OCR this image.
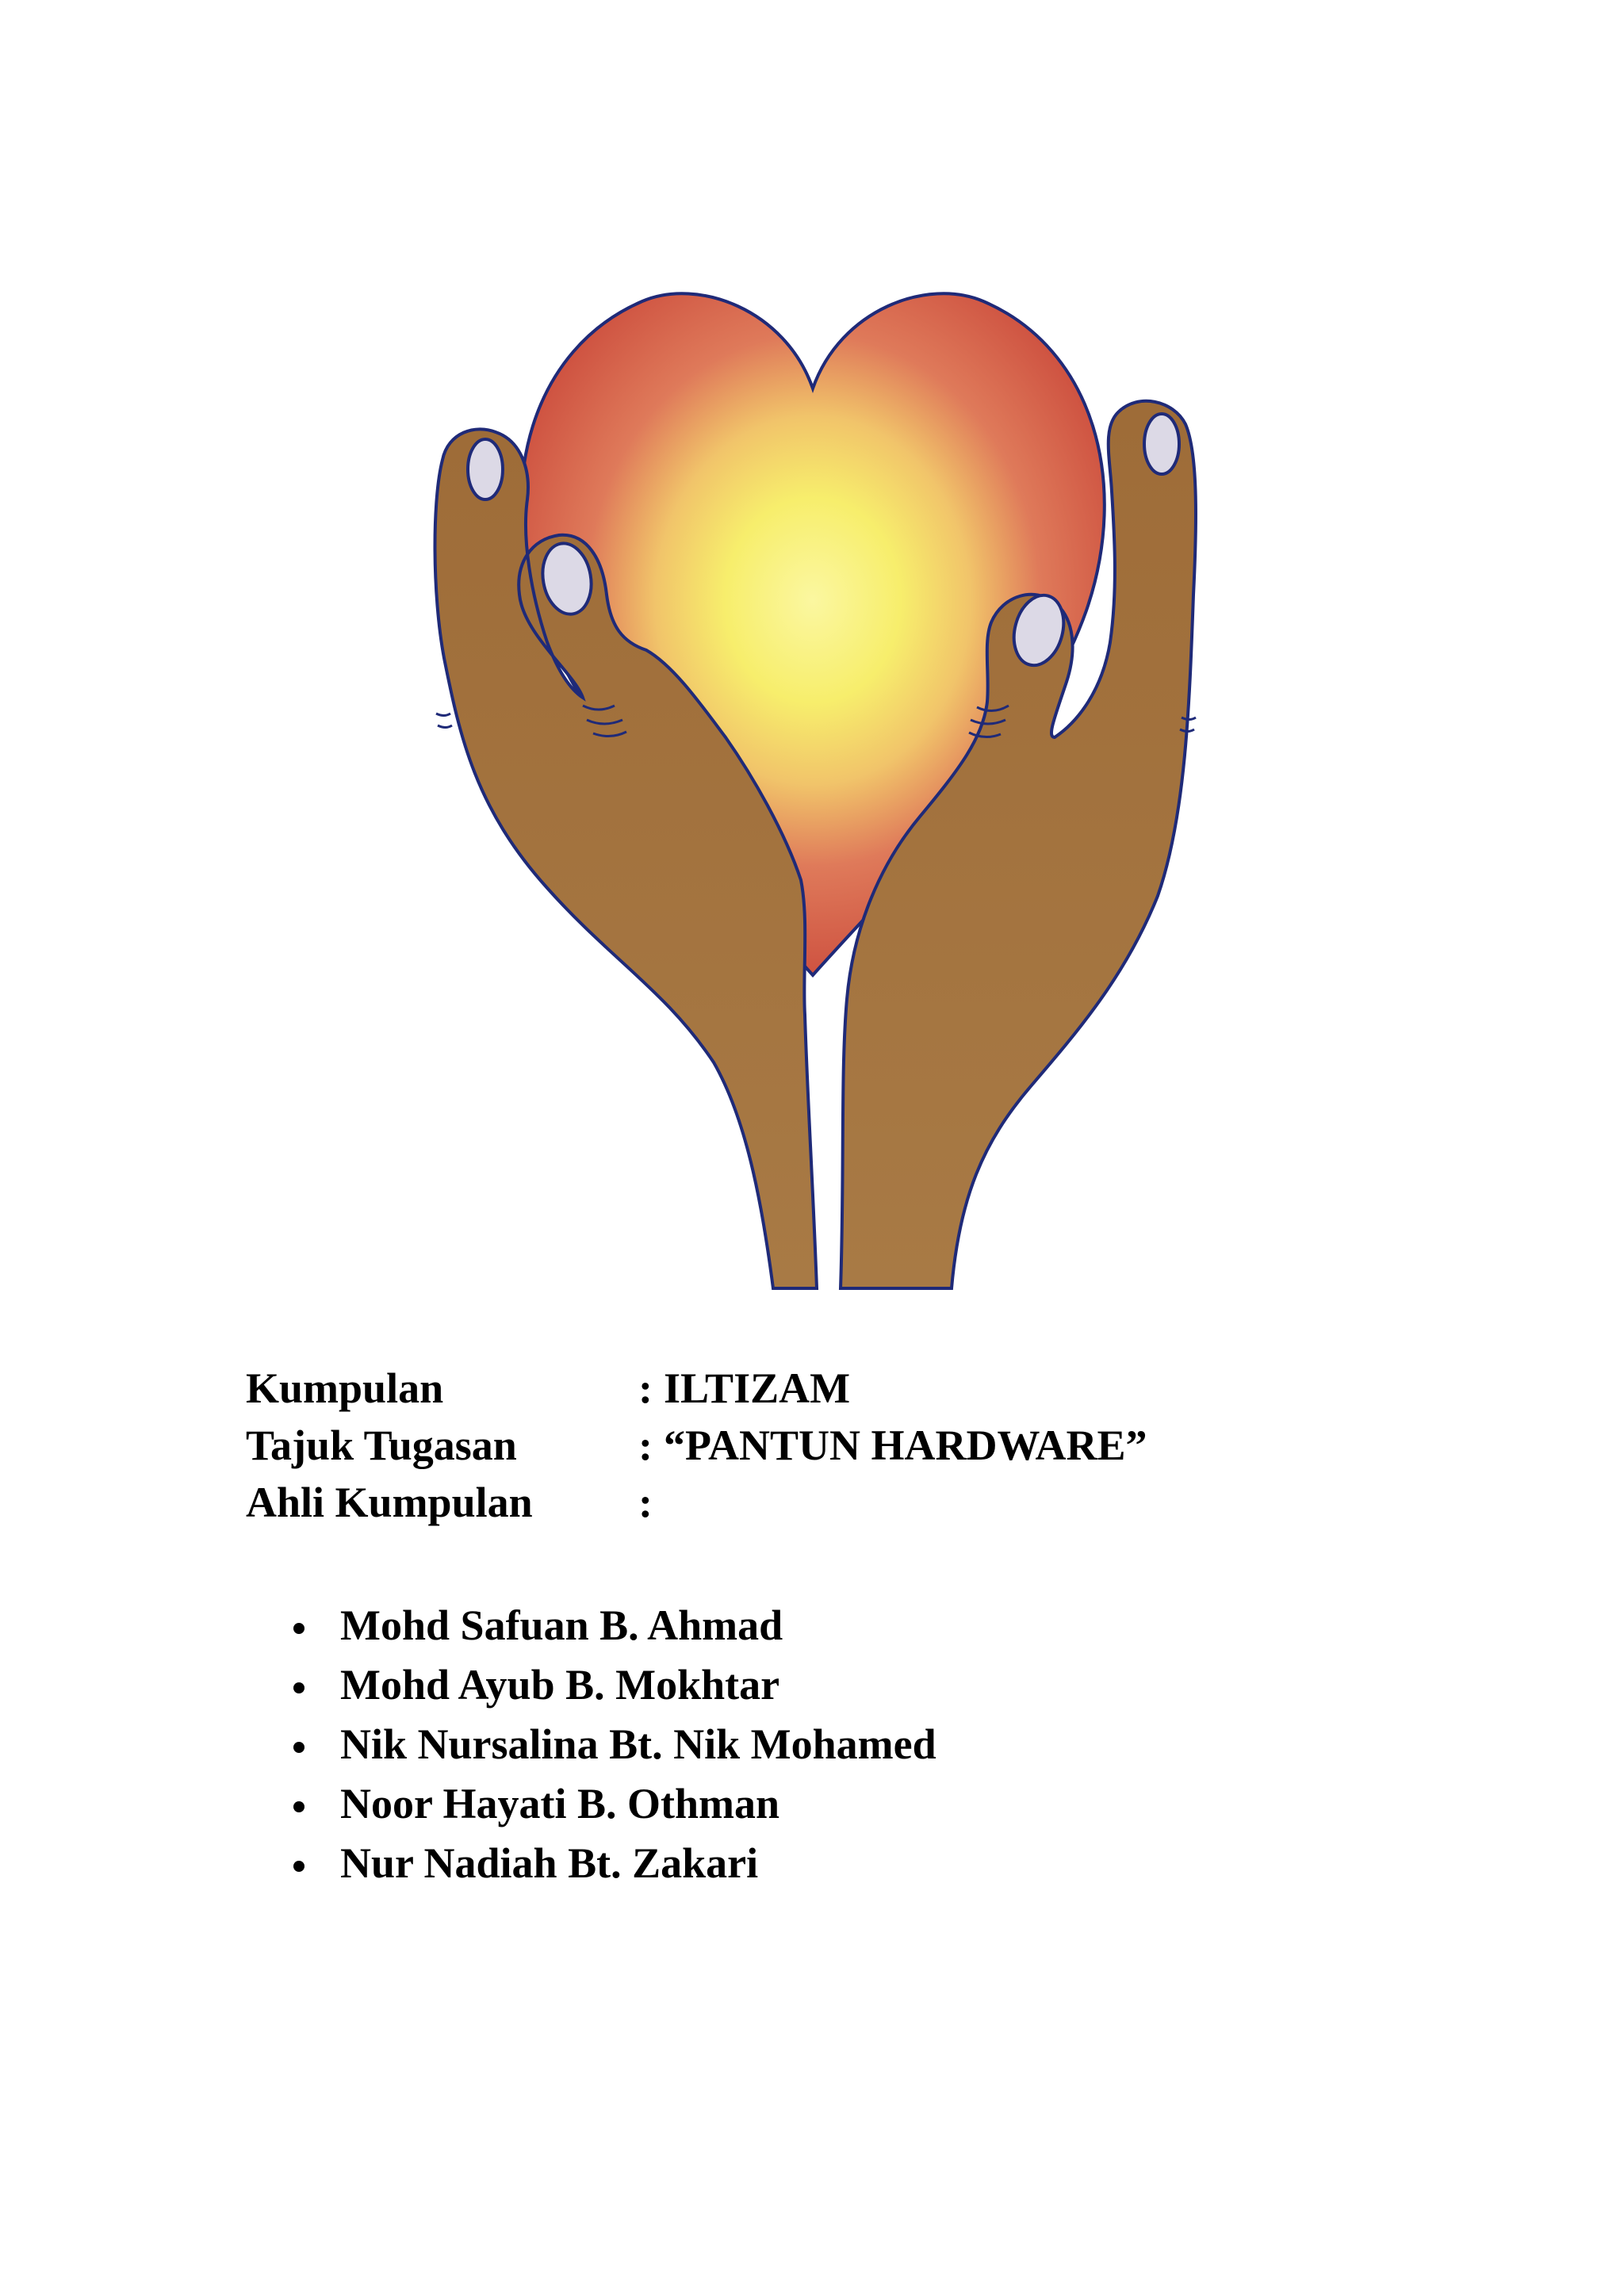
Kumpulan	: ILTIZAM
Tajuk Tugasan	: “PANTUN HARDWARE”
Ahli Kumpulan	:
Mohd Safuan B. Ahmad
Mohd Ayub B. Mokhtar
Nik Nursalina Bt. Nik Mohamed
Noor Hayati B. Othman
Nur Nadiah Bt. Zakari
